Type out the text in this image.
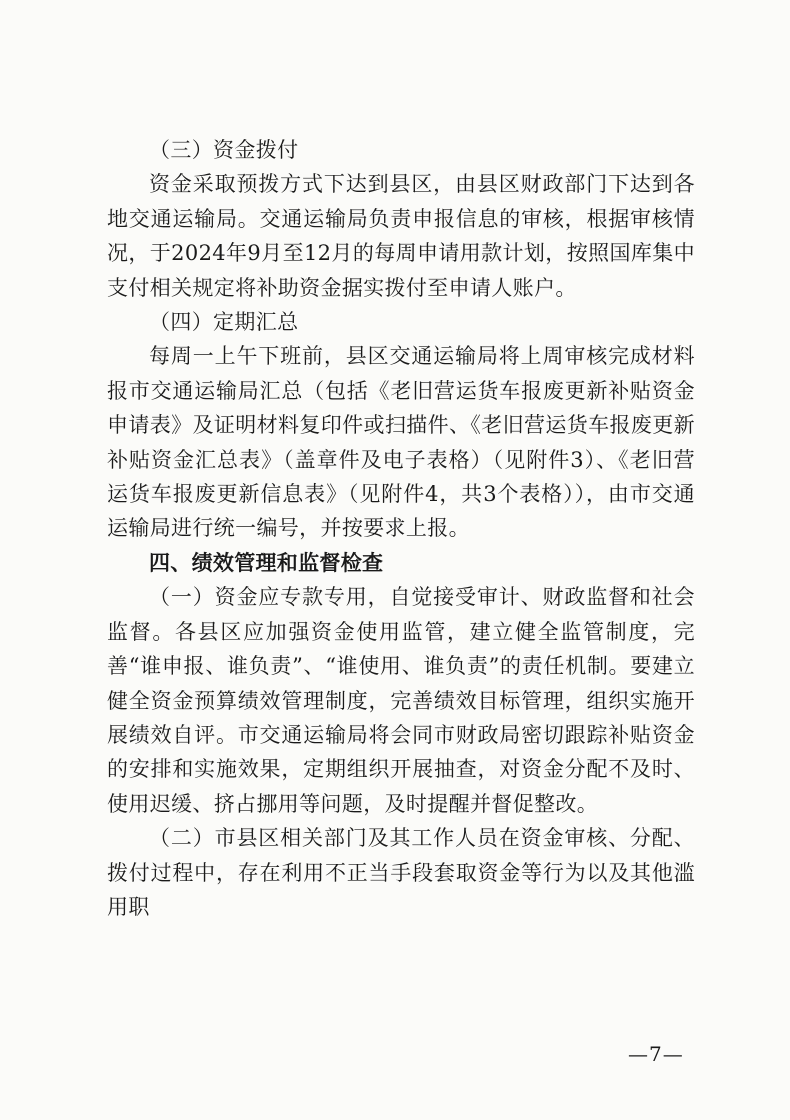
（三）资金拨付

资金采取预拨方式下达到县区，由县区财政部门下达到各地交通运输局。交通运输局负责申报信息的审核，根据审核情况，于2024年9月至12月的每周申请用款计划，按照国库集中支付相关规定将补助资金据实拨付至申请人账户。

（四）定期汇总

每周一上午下班前，县区交通运输局将上周审核完成材料报市交通运输局汇总（包括《老旧营运货车报废更新补贴资金申请表》及证明材料复印件或扫描件、《老旧营运货车报废更新补贴资金汇总表》（盖章件及电子表格）（见附件3）、《老旧营运货车报废更新信息表》（见附件4，共3个表格）），由市交通运输局进行统一编号，并按要求上报。

四、绩效管理和监督检查

（一）资金应专款专用，自觉接受审计、财政监督和社会监督。各县区应加强资金使用监管，建立健全监管制度，完善“谁申报、谁负责”、“谁使用、谁负责”的责任机制。要建立健全资金预算绩效管理制度，完善绩效目标管理，组织实施开展绩效自评。市交通运输局将会同市财政局密切跟踪补贴资金的安排和实施效果，定期组织开展抽查，对资金分配不及时、使用迟缓、挤占挪用等问题，及时提醒并督促整改。

（二）市县区相关部门及其工作人员在资金审核、分配、拨付过程中，存在利用不正当手段套取资金等行为以及其他滥用职

—7—
